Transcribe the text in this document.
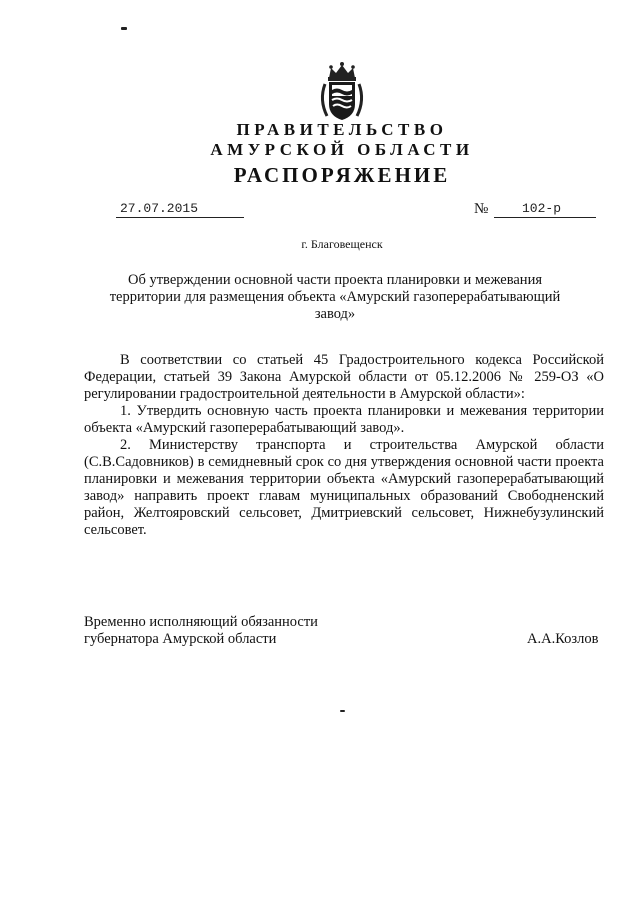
ПРАВИТЕЛЬСТВО
АМУРСКОЙ ОБЛАСТИ
РАСПОРЯЖЕНИЕ
27.07.2015	№	102-р
г. Благовещенск
Об утверждении основной части проекта планировки и межевания
территории для размещения объекта «Амурский газоперерабатывающий
завод»

В соответствии со статьей 45 Градостроительного кодекса Российской Федерации, статьей 39 Закона Амурской области от 05.12.2006 № 259-ОЗ «О регулировании градостроительной деятельности в Амурской области»:

1. Утвердить основную часть проекта планировки и межевания территории объекта «Амурский газоперерабатывающий завод».

2. Министерству транспорта и строительства Амурской области (С.В.Садовников) в семидневный срок со дня утверждения основной части проекта планировки и межевания территории объекта «Амурский газоперерабатывающий завод» направить проект главам муниципальных образований Свободненский район, Желтояровский сельсовет, Дмитриевский сельсовет, Нижнебузулинский сельсовет.

Временно исполняющий обязанности
губернатора Амурской области	А.А.Козлов
